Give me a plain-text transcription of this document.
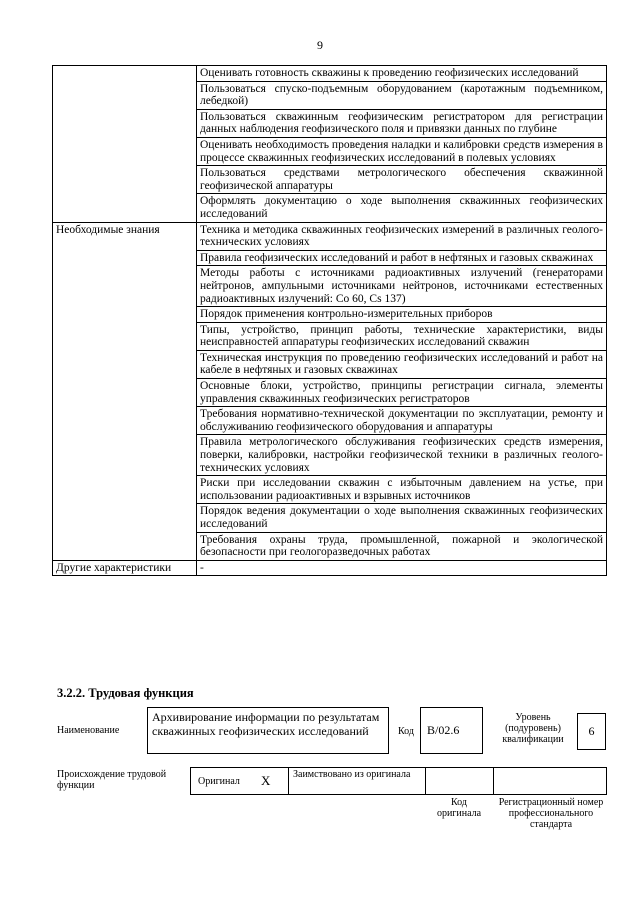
9
	Оценивать готовность скважины к проведению геофизических исследований
	Пользоваться спуско-подъемным оборудованием (каротажным подъемником, лебедкой)
	Пользоваться скважинным геофизическим регистратором для регистрации данных наблюдения геофизического поля и привязки данных по глубине
	Оценивать необходимость проведения наладки и калибровки средств измерения в процессе скважинных геофизических исследований в полевых условиях
	Пользоваться средствами метрологического обеспечения скважинной геофизической аппаратуры
	Оформлять документацию о ходе выполнения скважинных геофизических исследований
Необходимые знания	Техника и методика скважинных геофизических измерений в различных геолого-технических условиях
	Правила геофизических исследований и работ в нефтяных и газовых скважинах
	Методы работы с источниками радиоактивных излучений (генераторами нейтронов, ампульными источниками нейтронов, источниками естественных радиоактивных излучений: Co 60, Cs 137)
	Порядок применения контрольно-измерительных приборов
	Типы, устройство, принцип работы, технические характеристики, виды неисправностей аппаратуры геофизических исследований скважин
	Техническая инструкция по проведению геофизических исследований и работ на кабеле в нефтяных и газовых скважинах
	Основные блоки, устройство, принципы регистрации сигнала, элементы управления скважинных геофизических регистраторов
	Требования нормативно-технической документации по эксплуатации, ремонту и обслуживанию геофизического оборудования и аппаратуры
	Правила метрологического обслуживания геофизических средств измерения, поверки, калибровки, настройки геофизической техники в различных геолого-технических условиях
	Риски при исследовании скважин с избыточным давлением на устье, при использовании радиоактивных и взрывных источников
	Порядок ведения документации о ходе выполнения скважинных геофизических исследований
	Требования охраны труда, промышленной, пожарной и экологической безопасности при геологоразведочных работах
Другие характеристики	-
3.2.2. Трудовая функция
Наименование
Архивирование информации по результатам скважинных геофизических исследований	Код В/02.6
Уровень (подуровень) квалификации
6
Происхождение трудовой функции	Оригинал X Заимствовано из оригинала
Код оригинала
Регистрационный номер профессионального стандарта
